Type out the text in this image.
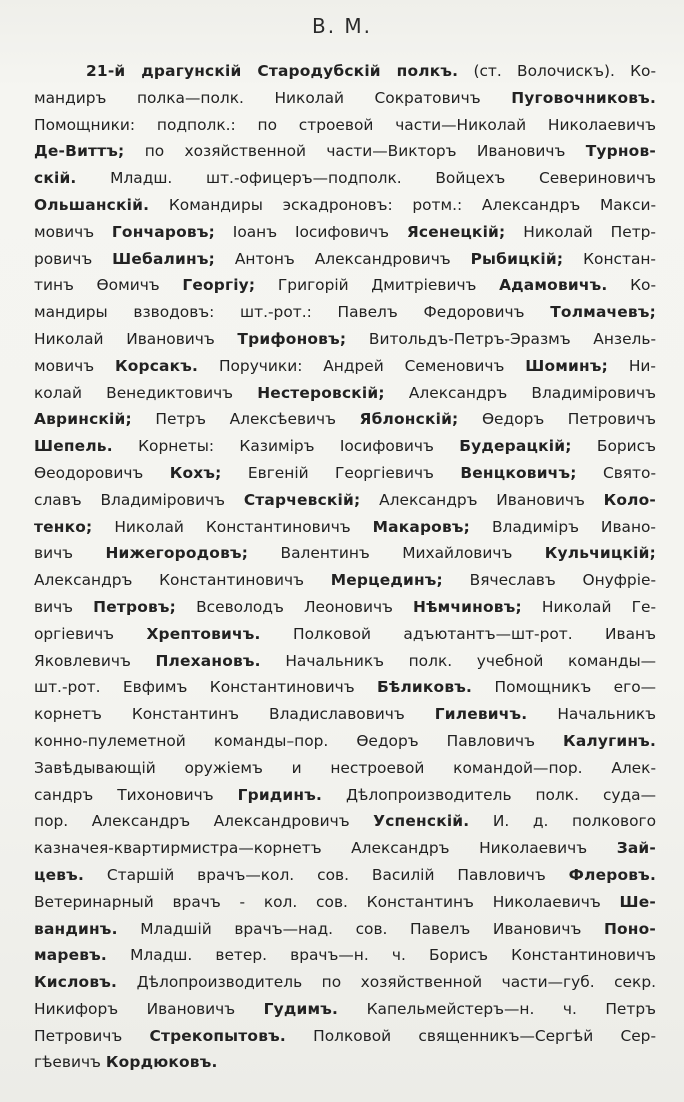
В. М.
21-й драгунскій Стародубскій полкъ. (ст. Волочискъ). Ко-
мандиръ полка—полк. Николай Сократовичъ Пуговочниковъ.
Помощники: подполк.: по строевой части—Николай Николаевичъ
Де-Виттъ; по хозяйственной части—Викторъ Ивановичъ Турнов-
скій. Младш. шт.-офицеръ—подполк. Войцехъ Севериновичъ
Ольшанскій. Командиры эскадроновъ: ротм.: Александръ Макси-
мовичъ Гончаровъ; Іоанъ Іосифовичъ Ясенецкій; Николай Петр-
ровичъ Шебалинъ; Антонъ Александровичъ Рыбицкій; Констан-
тинъ Ѳомичъ Георгіу; Григорій Дмитріевичъ Адамовичъ. Ко-
мандиры взводовъ: шт.-рот.: Павелъ Федоровичъ Толмачевъ;
Николай Ивановичъ Трифоновъ; Витольдъ-Петръ-Эразмъ Анзель-
мовичъ Корсакъ. Поручики: Андрей Семеновичъ Шоминъ; Ни-
колай Венедиктовичъ Нестеровскій; Александръ Владиміровичъ
Авринскій; Петръ Алексѣевичъ Яблонскій; Ѳедоръ Петровичъ
Шепель. Корнеты: Казиміръ Іосифовичъ Будерацкій; Борисъ
Ѳеодоровичъ Кохъ; Евгеній Георгіевичъ Венцковичъ; Свято-
славъ Владиміровичъ Старчевскій; Александръ Ивановичъ Коло-
тенко; Николай Константиновичъ Макаровъ; Владиміръ Ивано-
вичъ Нижегородовъ; Валентинъ Михайловичъ Кульчицкій;
Александръ Константиновичъ Мерцединъ; Вячеславъ Онуфріе-
вичъ Петровъ; Всеволодъ Леоновичъ Нѣмчиновъ; Николай Ге-
оргіевичъ Хрептовичъ. Полковой адъютантъ—шт-рот. Иванъ
Яковлевичъ Плехановъ. Начальникъ полк. учебной команды—
шт.-рот. Евфимъ Константиновичъ Бѣликовъ. Помощникъ его—
корнетъ Константинъ Владиславовичъ Гилевичъ. Начальникъ
конно-пулеметной команды–пор. Ѳедоръ Павловичъ Калугинъ.
Завѣдывающій оружіемъ и нестроевой командой—пор. Алек-
сандръ Тихоновичъ Гридинъ. Дѣлопроизводитель полк. суда—
пор. Александръ Александровичъ Успенскій. И. д. полкового
казначея-квартирмистра—корнетъ Александръ Николаевичъ Зай-
цевъ. Старшій врачъ—кол. сов. Василій Павловичъ Флеровъ.
Ветеринарный врачъ - кол. сов. Константинъ Николаевичъ Ше-
вандинъ. Младшій врачъ—над. сов. Павелъ Ивановичъ Поно-
маревъ. Младш. ветер. врачъ—н. ч. Борисъ Константиновичъ
Кисловъ. Дѣлопроизводитель по хозяйственной части—губ. секр.
Никифоръ Ивановичъ Гудимъ. Капельмейстеръ—н. ч. Петръ
Петровичъ Стрекопытовъ. Полковой священникъ—Сергѣй Сер-
гѣевичъ Кордюковъ.
